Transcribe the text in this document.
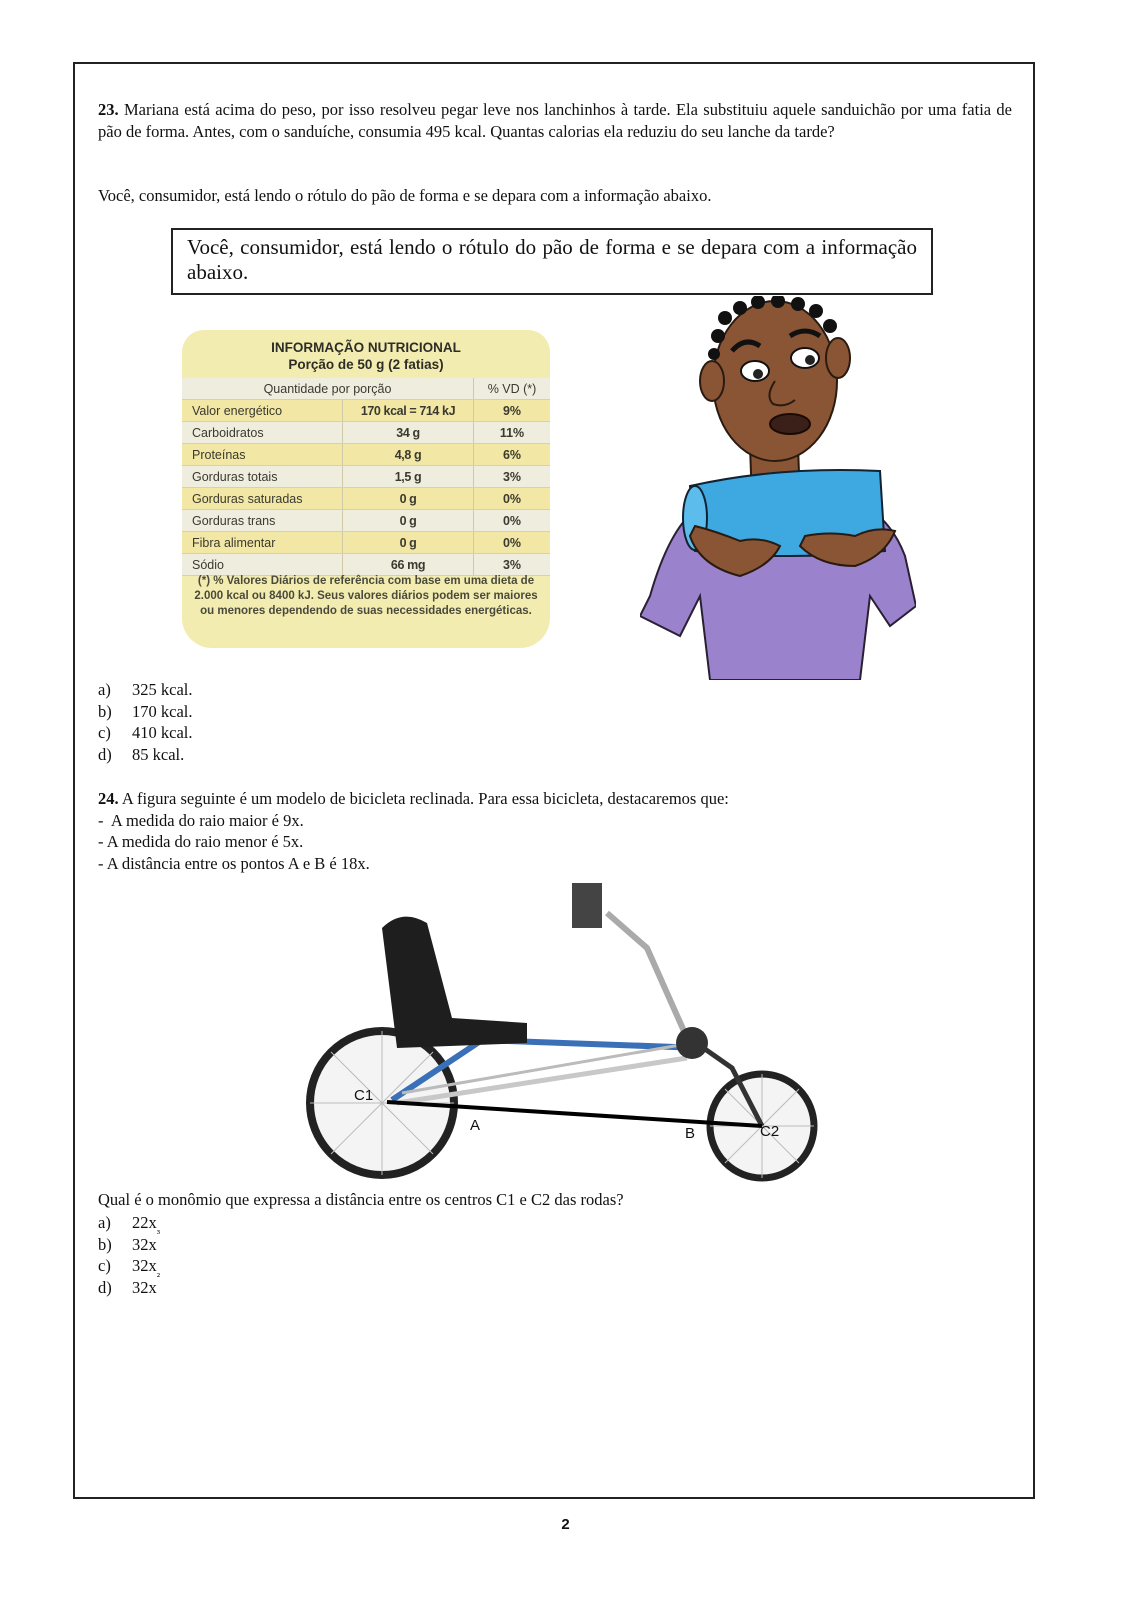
23. Mariana está acima do peso, por isso resolveu pegar leve nos lanchinhos à tarde. Ela substituiu aquele sanduichão por uma fatia de pão de forma. Antes, com o sanduíche, consumia 495 kcal. Quantas calorias ela reduziu do seu lanche da tarde?
Você, consumidor, está lendo o rótulo do pão de forma e se depara com a informação abaixo.
Você, consumidor, está lendo o rótulo do pão de forma e se depara com a informação abaixo.
INFORMAÇÃO NUTRICIONAL
Porção de 50 g (2 fatias)
Quantidade por porção		% VD (*)
Valor energético	170 kcal = 714 kJ	9%
Carboidratos	34 g	11%
Proteínas	4,8 g	6%
Gorduras totais	1,5 g	3%
Gorduras saturadas	0 g	0%
Gorduras trans	0 g	0%
Fibra alimentar	0 g	0%
Sódio	66 mg	3%
(*) % Valores Diários de referência com base em uma dieta de 2.000 kcal ou 8400 kJ. Seus valores diários podem ser maiores ou menores dependendo de suas necessidades energéticas.
a)	325 kcal.
b)	170 kcal.
c)	410 kcal.
d)	85 kcal.
24. A figura seguinte é um modelo de bicicleta reclinada. Para essa bicicleta, destacaremos que:
-  A medida do raio maior é 9x.
- A medida do raio menor é 5x.
- A distância entre os pontos A e B é 18x.
C1
A	B	C2
Qual é o monômio que expressa a distância entre os centros C1 e C2 das rodas?
a)	22x
b)	32x
³
c)	32x
d)	32x
²
2
